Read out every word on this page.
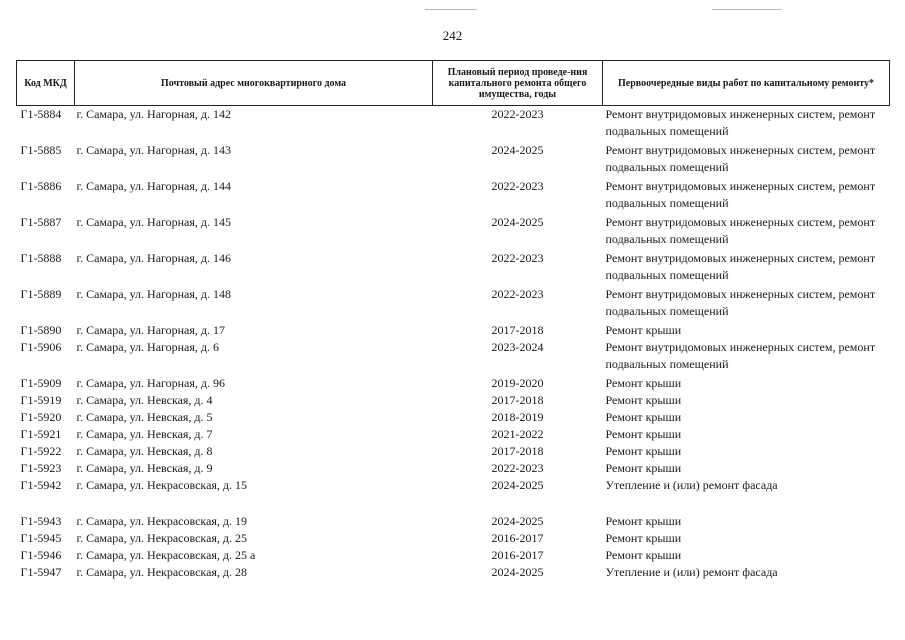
242
Код МКД	Почтовый адрес многоквартирного дома	Плановый период проведе-ния капитального ремонта общего имущества, годы	Первоочередные виды работ по капитальному ремонту*
Г1-5884	г. Самара, ул. Нагорная, д. 142	2022-2023	Ремонт внутридомовых инженерных систем, ремонт подвальных помещений
Г1-5885	г. Самара, ул. Нагорная, д. 143	2024-2025	Ремонт внутридомовых инженерных систем, ремонт подвальных помещений
Г1-5886	г. Самара, ул. Нагорная, д. 144	2022-2023	Ремонт внутридомовых инженерных систем, ремонт подвальных помещений
Г1-5887	г. Самара, ул. Нагорная, д. 145	2024-2025	Ремонт внутридомовых инженерных систем, ремонт подвальных помещений
Г1-5888	г. Самара, ул. Нагорная, д. 146	2022-2023	Ремонт внутридомовых инженерных систем, ремонт подвальных помещений
Г1-5889	г. Самара, ул. Нагорная, д. 148	2022-2023	Ремонт внутридомовых инженерных систем, ремонт подвальных помещений
Г1-5890	г. Самара, ул. Нагорная, д. 17	2017-2018	Ремонт крыши
Г1-5906	г. Самара, ул. Нагорная, д. 6	2023-2024	Ремонт внутридомовых инженерных систем, ремонт подвальных помещений
Г1-5909	г. Самара, ул. Нагорная, д. 96	2019-2020	Ремонт крыши
Г1-5919	г. Самара, ул. Невская, д. 4	2017-2018	Ремонт крыши
Г1-5920	г. Самара, ул. Невская, д. 5	2018-2019	Ремонт крыши
Г1-5921	г. Самара, ул. Невская, д. 7	2021-2022	Ремонт крыши
Г1-5922	г. Самара, ул. Невская, д. 8	2017-2018	Ремонт крыши
Г1-5923	г. Самара, ул. Невская, д. 9	2022-2023	Ремонт крыши
Г1-5942	г. Самара, ул. Некрасовская, д. 15	2024-2025	Утепление и (или) ремонт фасада
Г1-5943	г. Самара, ул. Некрасовская, д. 19	2024-2025	Ремонт крыши
Г1-5945	г. Самара, ул. Некрасовская, д. 25	2016-2017	Ремонт крыши
Г1-5946	г. Самара, ул. Некрасовская, д. 25 а	2016-2017	Ремонт крыши
Г1-5947	г. Самара, ул. Некрасовская, д. 28	2024-2025	Утепление и (или) ремонт фасада
